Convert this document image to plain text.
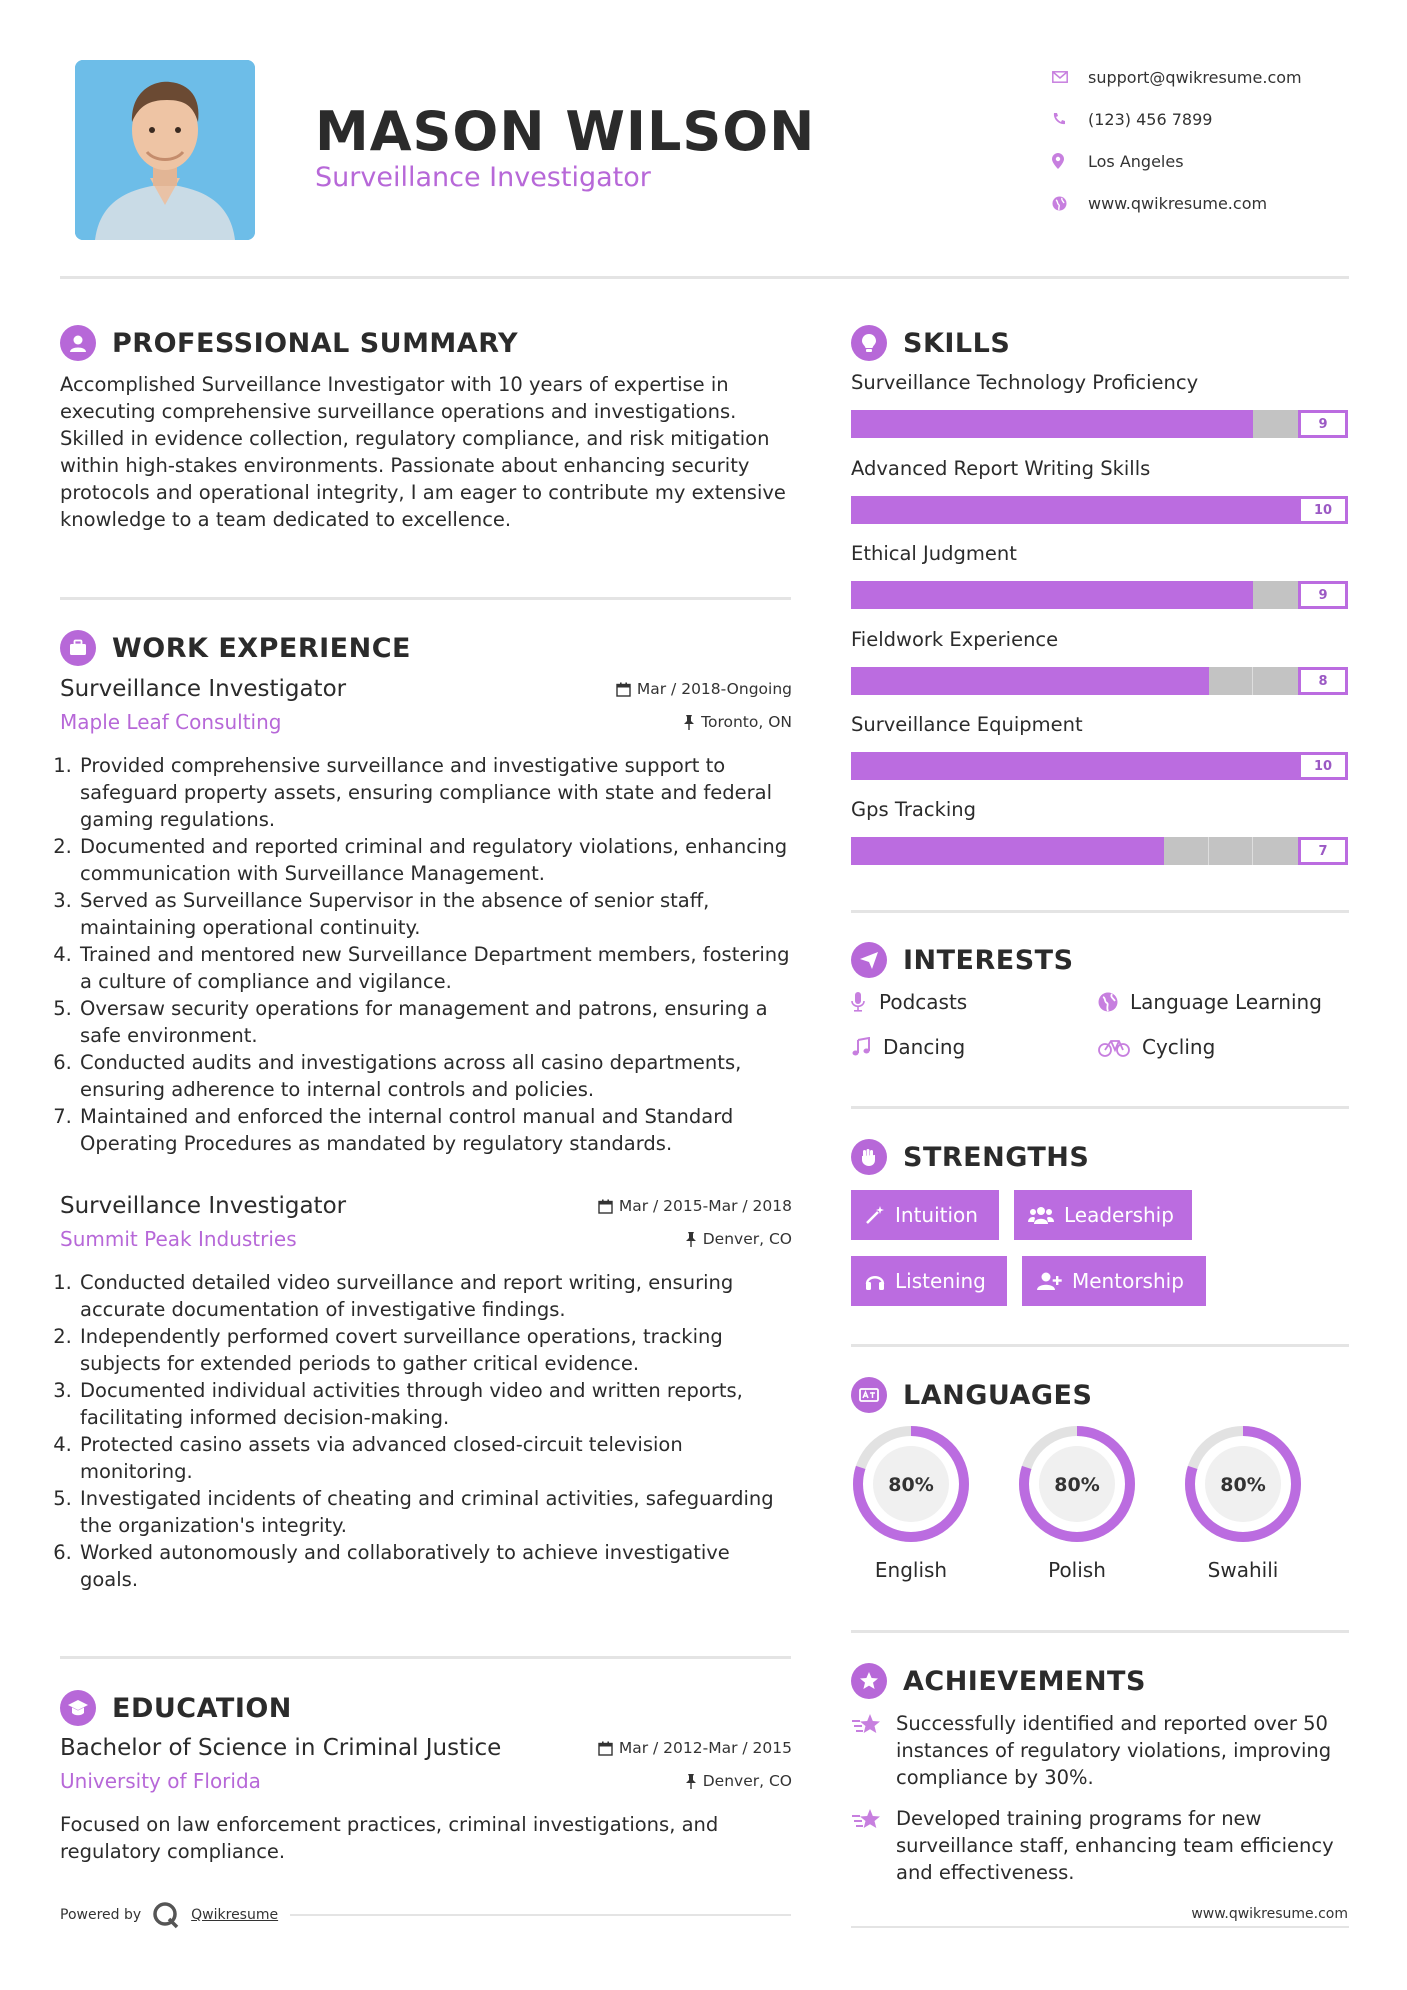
MASON WILSON
Surveillance Investigator
support@qwikresume.com
(123) 456 7899
Los Angeles
www.qwikresume.com
PROFESSIONAL SUMMARY
Accomplished Surveillance Investigator with 10 years of expertise in executing comprehensive surveillance operations and investigations. Skilled in evidence collection, regulatory compliance, and risk mitigation within high-stakes environments. Passionate about enhancing security protocols and operational integrity, I am eager to contribute my extensive knowledge to a team dedicated to excellence.
WORK EXPERIENCE
Surveillance Investigator	Mar / 2018-Ongoing
Maple Leaf Consulting	Toronto, ON
1. Provided comprehensive surveillance and investigative support to safeguard property assets, ensuring compliance with state and federal gaming regulations.
2. Documented and reported criminal and regulatory violations, enhancing communication with Surveillance Management.
3. Served as Surveillance Supervisor in the absence of senior staff, maintaining operational continuity.
4. Trained and mentored new Surveillance Department members, fostering a culture of compliance and vigilance.
5. Oversaw security operations for management and patrons, ensuring a safe environment.
6. Conducted audits and investigations across all casino departments, ensuring adherence to internal controls and policies.
7. Maintained and enforced the internal control manual and Standard Operating Procedures as mandated by regulatory standards.
Surveillance Investigator	Mar / 2015-Mar / 2018
Summit Peak Industries	Denver, CO
1. Conducted detailed video surveillance and report writing, ensuring accurate documentation of investigative findings.
2. Independently performed covert surveillance operations, tracking subjects for extended periods to gather critical evidence.
3. Documented individual activities through video and written reports, facilitating informed decision-making.
4. Protected casino assets via advanced closed-circuit television monitoring.
5. Investigated incidents of cheating and criminal activities, safeguarding the organization's integrity.
6. Worked autonomously and collaboratively to achieve investigative goals.
EDUCATION
Bachelor of Science in Criminal Justice	Mar / 2012-Mar / 2015
University of Florida	Denver, CO
Focused on law enforcement practices, criminal investigations, and regulatory compliance.
Powered by	Qwikresume
SKILLS
Surveillance Technology Proficiency
9
Advanced Report Writing Skills
10
Ethical Judgment
9
Fieldwork Experience
8
Surveillance Equipment
10
Gps Tracking
7
INTERESTS
Podcasts	Language Learning
Dancing	Cycling
STRENGTHS
Intuition	Leadership
Listening	Mentorship
LANGUAGES
80%
English
80%
Polish
80%
Swahili
ACHIEVEMENTS
Successfully identified and reported over 50 instances of regulatory violations, improving compliance by 30%.
Developed training programs for new surveillance staff, enhancing team efficiency and effectiveness.
www.qwikresume.com
